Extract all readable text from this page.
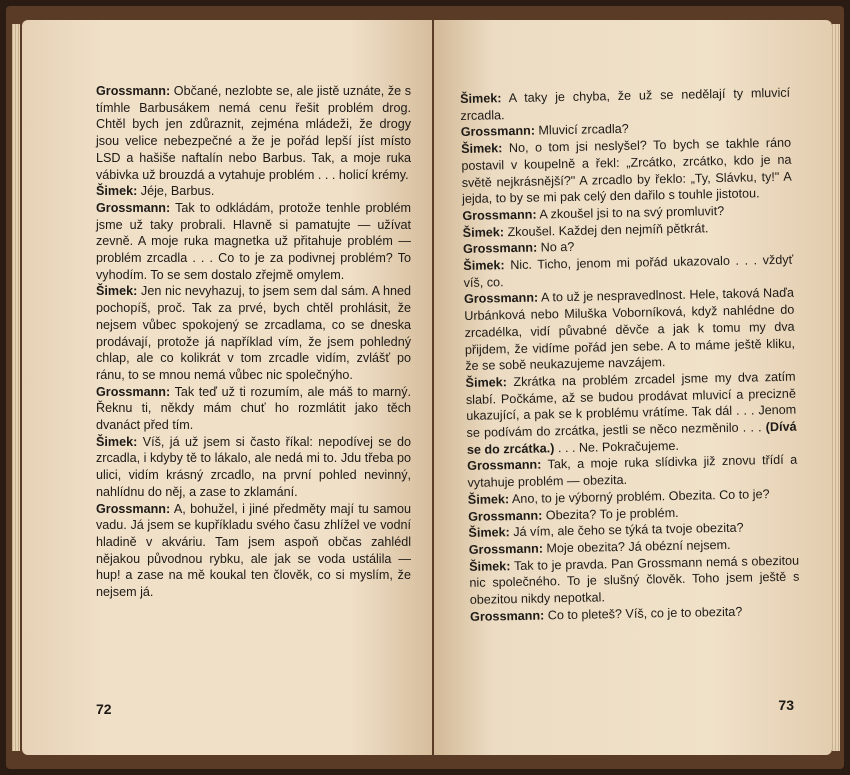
Grossmann: Občané, nezlobte se, ale jistě uznáte, že s tímhle Barbusákem nemá cenu řešit problém drog. Chtěl bych jen zdůraznit, zejména mládeži, že drogy jsou velice nebezpečné a že je pořád lepší jíst místo LSD a hašiše naftalín nebo Barbus. Tak, a moje ruka vábivka už brouzdá a vytahuje problém . . . holicí krémy.

Šimek: Jéje, Barbus.

Grossmann: Tak to odkládám, protože tenhle problém jsme už taky probrali. Hlavně si pamatujte — užívat zevně. A moje ruka magnetka už přitahuje problém — problém zrcadla . . . Co to je za podivnej problém? To vyhodím. To se sem dostalo zřejmě omylem.

Šimek: Jen nic nevyhazuj, to jsem sem dal sám. A hned pochopíš, proč. Tak za prvé, bych chtěl prohlásit, že nejsem vůbec spokojený se zrcadlama, co se dneska prodávají, protože já například vím, že jsem pohledný chlap, ale co kolikrát v tom zrcadle vidím, zvlášť po ránu, to se mnou nemá vůbec nic společnýho.

Grossmann: Tak teď už ti rozumím, ale máš to marný. Řeknu ti, někdy mám chuť ho rozmlátit jako těch dvanáct před tím.

Šimek: Víš, já už jsem si často říkal: nepodívej se do zrcadla, i kdyby tě to lákalo, ale nedá mi to. Jdu třeba po ulici, vidím krásný zrcadlo, na první pohled nevinný, nahlídnu do něj, a zase to zklamání.

Grossmann: A, bohužel, i jiné předměty mají tu samou vadu. Já jsem se kupříkladu svého času zhlížel ve vodní hladině v akváriu. Tam jsem aspoň občas zahlédl nějakou původnou rybku, ale jak se voda ustálila — hup! a zase na mě koukal ten člověk, co si myslím, že nejsem já.

72

Šimek: A taky je chyba, že už se nedělají ty mluvicí zrcadla.

Grossmann: Mluvicí zrcadla?

Šimek: No, o tom jsi neslyšel? To bych se takhle ráno postavil v koupelně a řekl: „Zrcátko, zrcátko, kdo je na světě nejkrásnější?" A zrcadlo by řeklo: „Ty, Slávku, ty!" A jejda, to by se mi pak celý den dařilo s touhle jistotou.

Grossmann: A zkoušel jsi to na svý promluvit?

Šimek: Zkoušel. Každej den nejmíň pětkrát.

Grossmann: No a?

Šimek: Nic. Ticho, jenom mi pořád ukazovalo . . . vždyť víš, co.

Grossmann: A to už je nespravedlnost. Hele, taková Naďa Urbánková nebo Miluška Voborníková, když nahlédne do zrcadélka, vidí půvabné děvče a jak k tomu my dva přijdem, že vidíme pořád jen sebe. A to máme ještě kliku, že se sobě neukazujeme navzájem.

Šimek: Zkrátka na problém zrcadel jsme my dva zatím slabí. Počkáme, až se budou prodávat mluvicí a precizně ukazující, a pak se k problému vrátíme. Tak dál . . . Jenom se podívám do zrcátka, jestli se něco nezměnilo . . . (Dívá se do zrcátka.) . . . Ne. Pokračujeme.

Grossmann: Tak, a moje ruka slídivka již znovu třídí a vytahuje problém — obezita.

Šimek: Ano, to je výborný problém. Obezita. Co to je?

Grossmann: Obezita? To je problém.

Šimek: Já vím, ale čeho se týká ta tvoje obezita?

Grossmann: Moje obezita? Já obézní nejsem.

Šimek: Tak to je pravda. Pan Grossmann nemá s obezitou nic společného. To je slušný člověk. Toho jsem ještě s obezitou nikdy nepotkal.

Grossmann: Co to pleteš? Víš, co je to obezita?

73
